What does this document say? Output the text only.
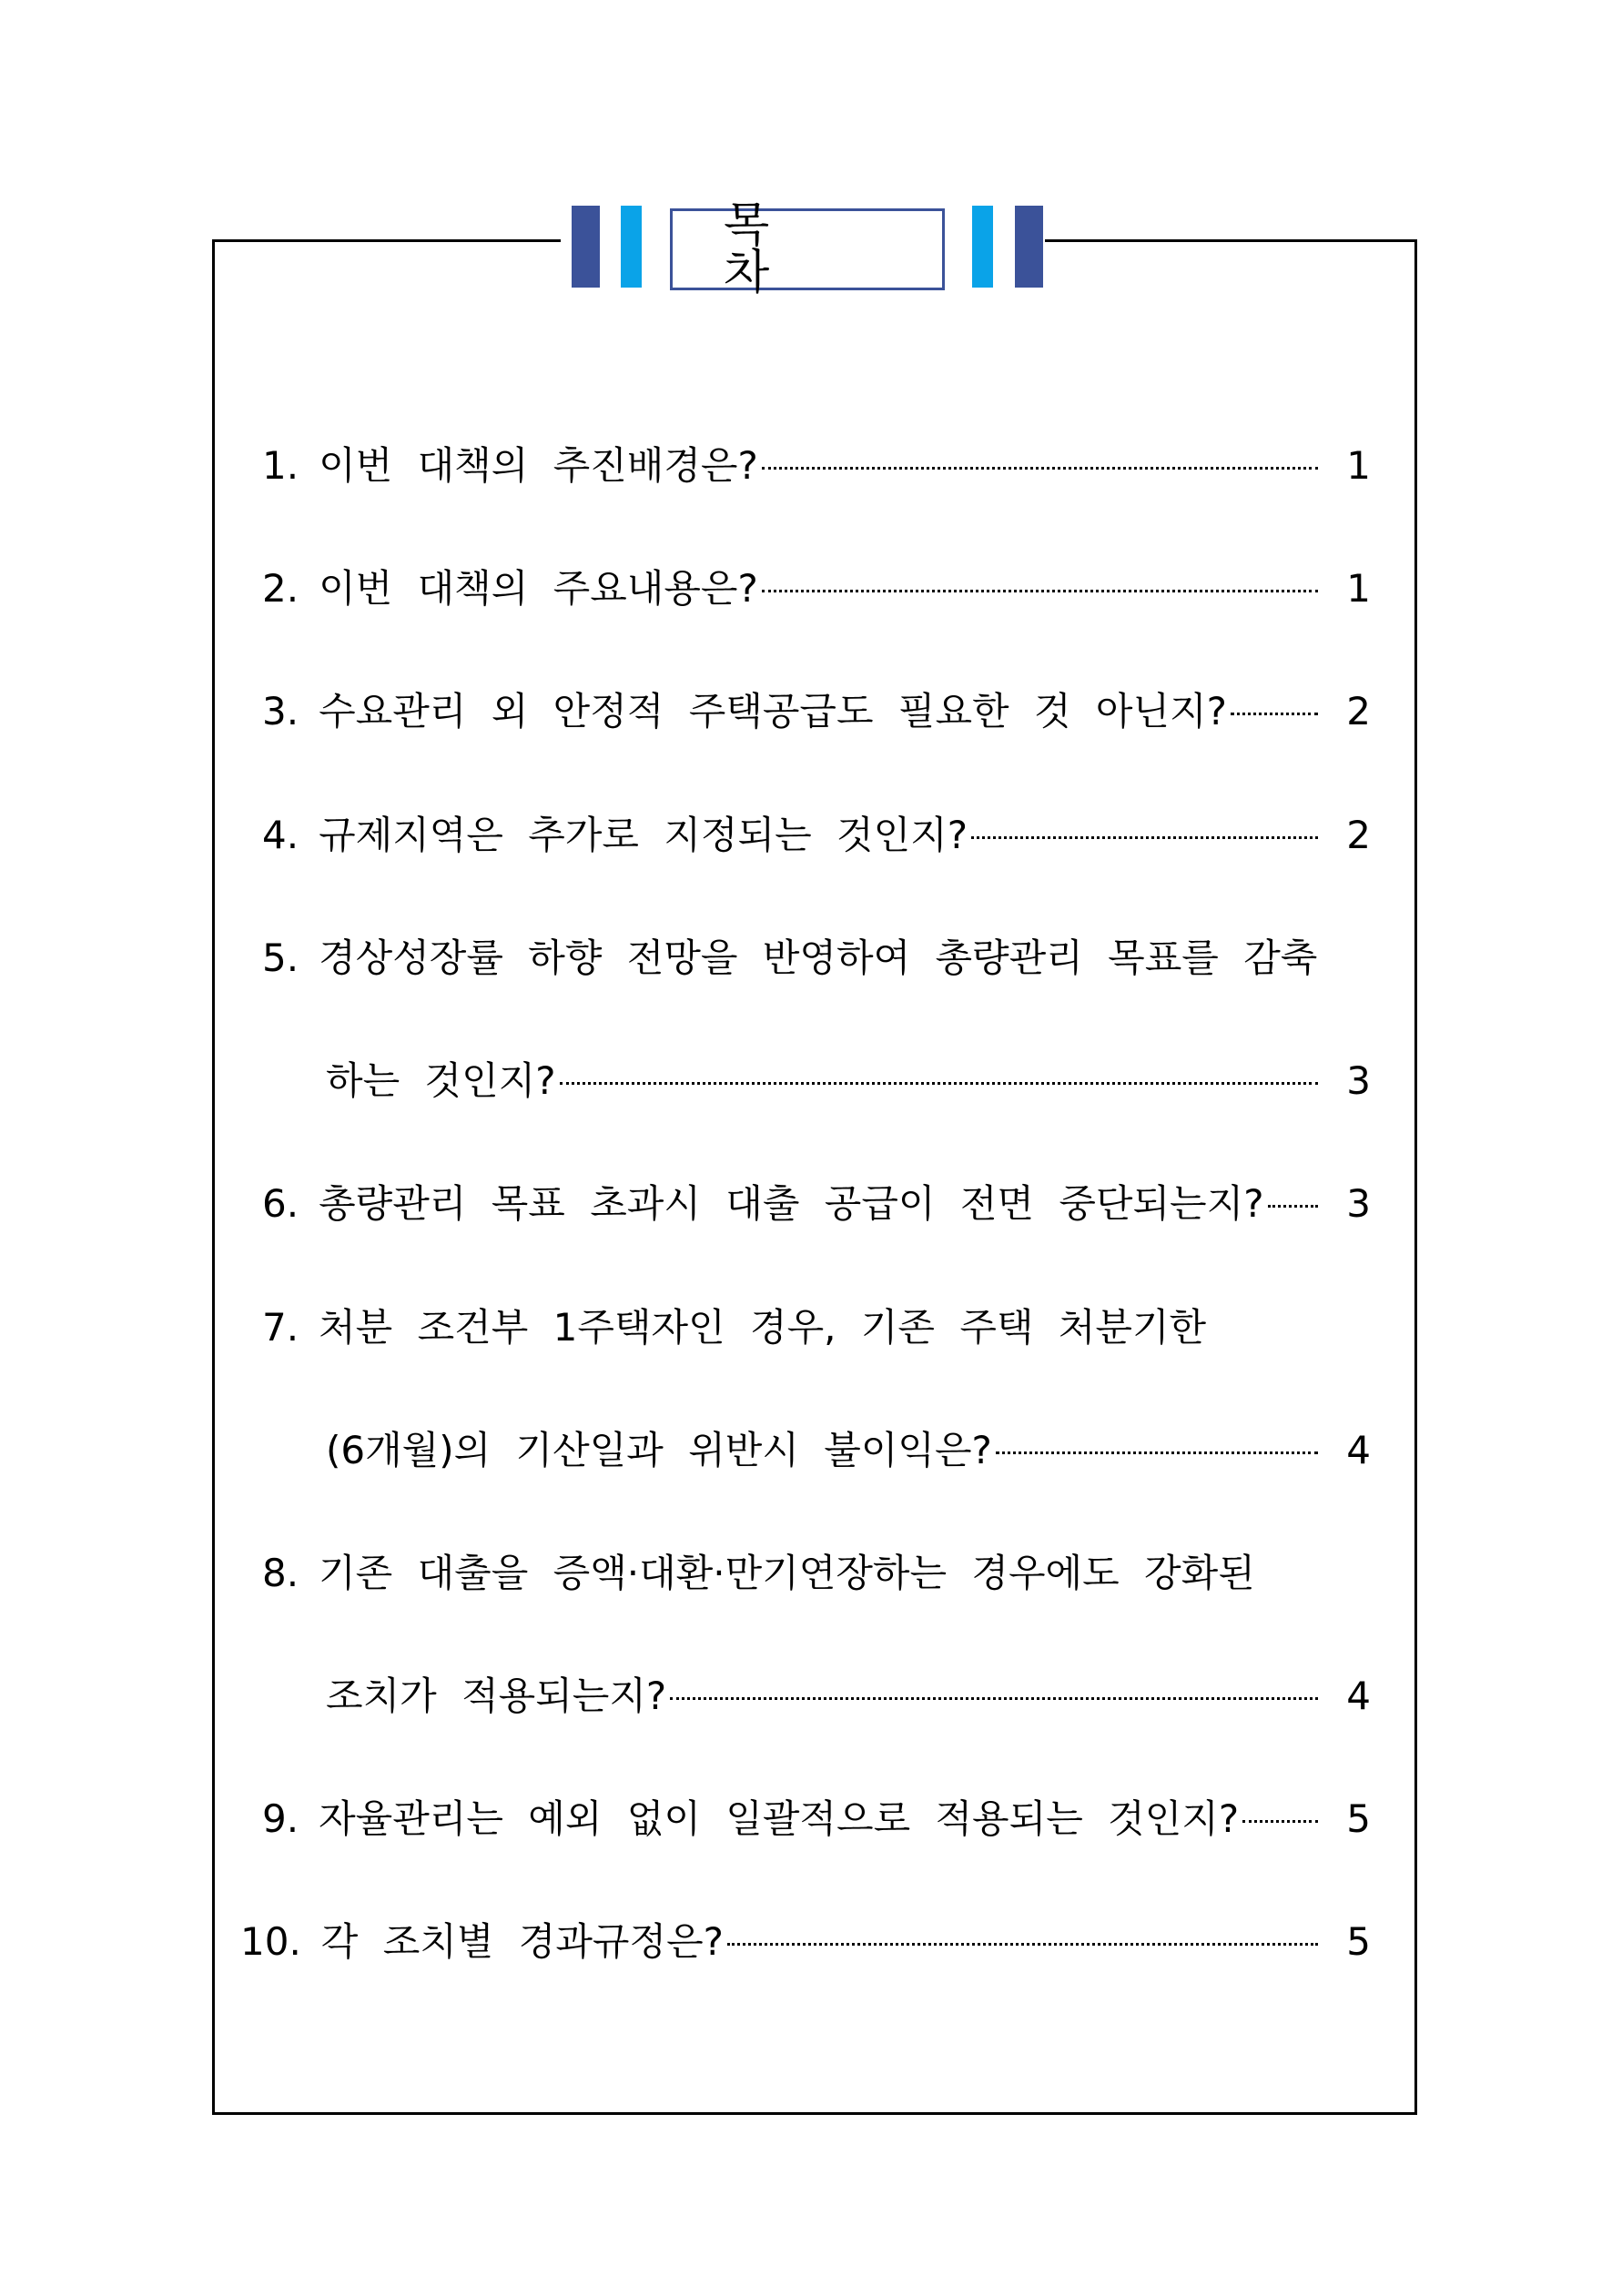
목 차
1. 이번 대책의 추진배경은?	1
2. 이번 대책의 주요내용은?	1
3. 수요관리 외 안정적 주택공급도 필요한 것 아닌지?	2
4. 규제지역은 추가로 지정되는 것인지?	2
5. 경상성장률 하향 전망을 반영하여 총량관리 목표를 감축
하는 것인지?	3
6. 총량관리 목표 초과시 대출 공급이 전면 중단되는지?	3
7. 처분 조건부 1주택자인 경우, 기존 주택 처분기한
(6개월)의 기산일과 위반시 불이익은?	4
8. 기존 대출을 증액·대환·만기연장하는 경우에도 강화된
조치가 적용되는지?	4
9. 자율관리는 예외 없이 일괄적으로 적용되는 것인지?	5
10. 각 조치별 경과규정은?	5
